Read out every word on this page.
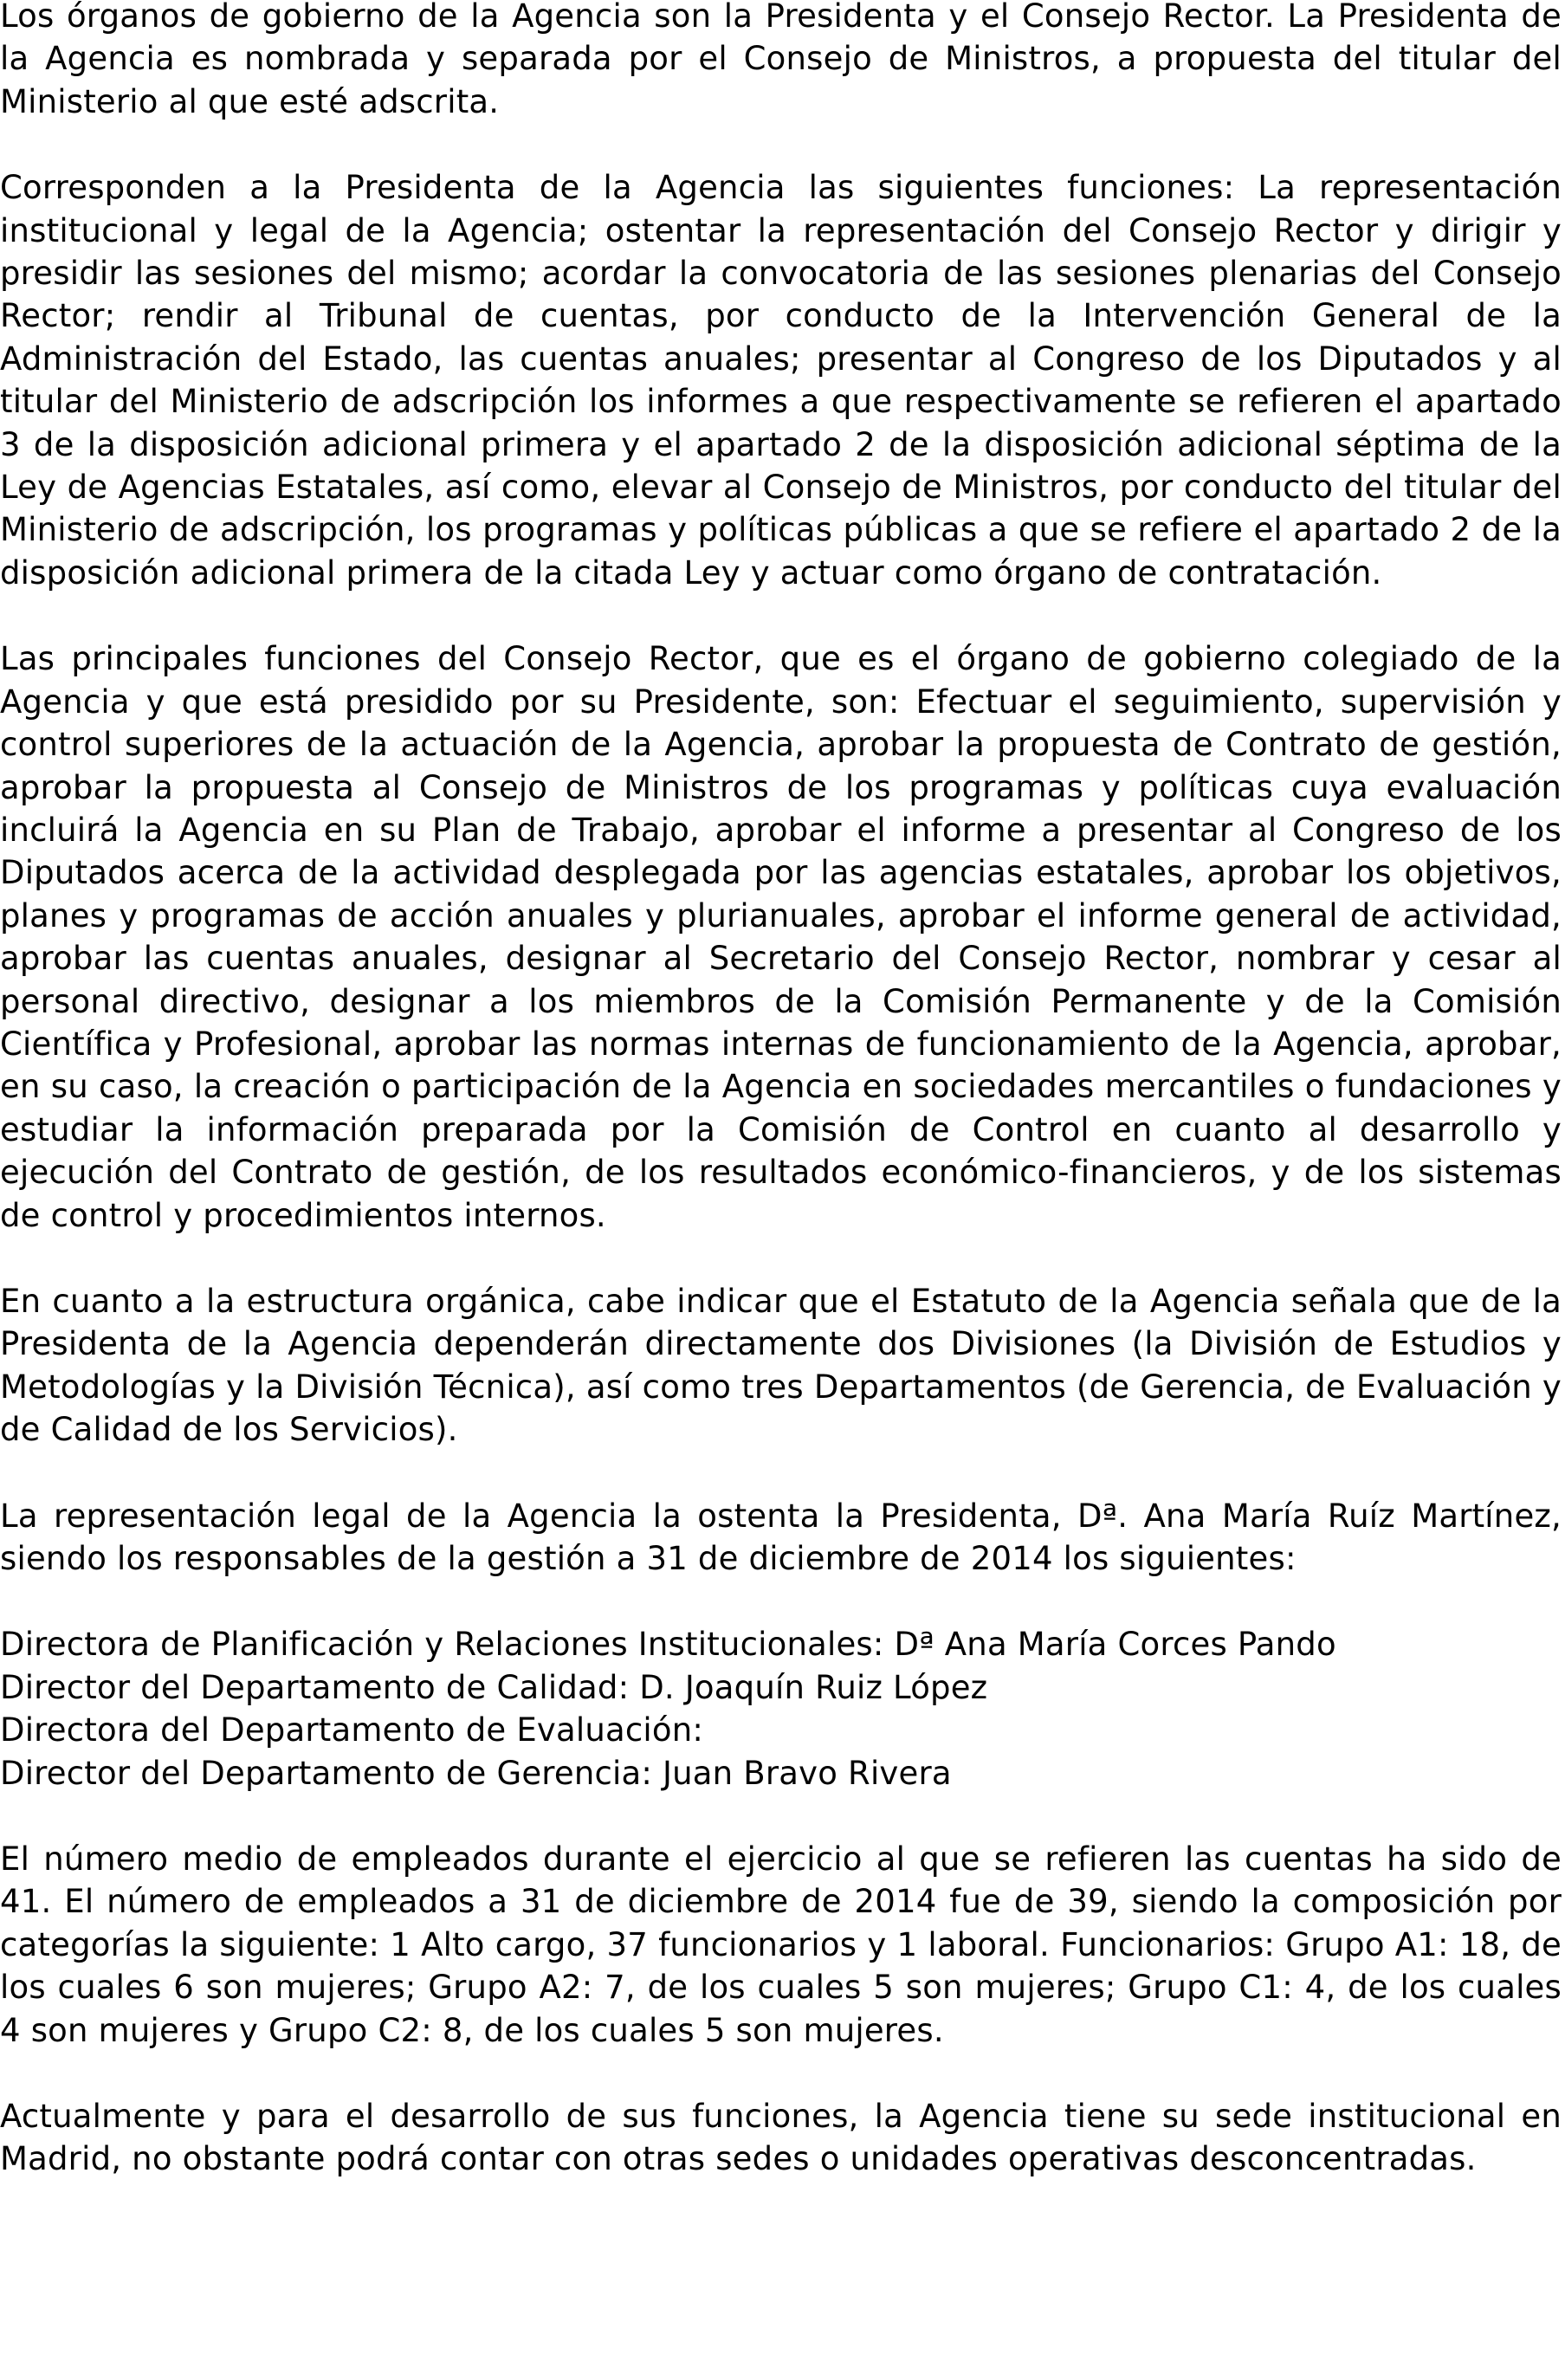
Los órganos de gobierno de la Agencia son la Presidenta y el Consejo Rector. La Presidenta de la Agencia es nombrada y separada por el Consejo de Ministros, a propuesta del titular del Ministerio al que esté adscrita.

Corresponden a la Presidenta de la Agencia las siguientes funciones: La representación institucional y legal de la Agencia; ostentar la representación del Consejo Rector y dirigir y presidir las sesiones del mismo; acordar la convocatoria de las sesiones plenarias del Consejo Rector; rendir al Tribunal de cuentas, por conducto de la Intervención General de la Administración del Estado, las cuentas anuales; presentar al Congreso de los Diputados y al titular del Ministerio de adscripción los informes a que respectivamente se refieren el apartado 3 de la disposición adicional primera y el apartado 2 de la disposición adicional séptima de la Ley de Agencias Estatales, así como, elevar al Consejo de Ministros, por conducto del titular del Ministerio de adscripción, los programas y políticas públicas a que se refiere el apartado 2 de la disposición adicional primera de la citada Ley y actuar como órgano de contratación.

Las principales funciones del Consejo Rector, que es el órgano de gobierno colegiado de la Agencia y que está presidido por su Presidente, son: Efectuar el seguimiento, supervisión y control superiores de la actuación de la Agencia, aprobar la propuesta de Contrato de gestión, aprobar la propuesta al Consejo de Ministros de los programas y políticas cuya evaluación incluirá la Agencia en su Plan de Trabajo, aprobar el informe a presentar al Congreso de los Diputados acerca de la actividad desplegada por las agencias estatales, aprobar los objetivos, planes y programas de acción anuales y plurianuales, aprobar el informe general de actividad, aprobar las cuentas anuales, designar al Secretario del Consejo Rector, nombrar y cesar al personal directivo, designar a los miembros de la Comisión Permanente y de la Comisión Científica y Profesional, aprobar las normas internas de funcionamiento de la Agencia, aprobar, en su caso, la creación o participación de la Agencia en sociedades mercantiles o fundaciones y estudiar la información preparada por la Comisión de Control en cuanto al desarrollo y ejecución del Contrato de gestión, de los resultados económico-financieros, y de los sistemas de control y procedimientos internos.

En cuanto a la estructura orgánica, cabe indicar que el Estatuto de la Agencia señala que de la Presidenta de la Agencia dependerán directamente dos Divisiones (la División de Estudios y Metodologías y la División Técnica), así como tres Departamentos (de Gerencia, de Evaluación y de Calidad de los Servicios).

La representación legal de la Agencia la ostenta la Presidenta, Dª. Ana María Ruíz Martínez, siendo los responsables de la gestión a 31 de diciembre de 2014 los siguientes:

Directora de Planificación y Relaciones Institucionales: Dª Ana María Corces Pando
Director del Departamento de Calidad: D. Joaquín Ruiz López
Directora del Departamento de Evaluación:
Director del Departamento de Gerencia: Juan Bravo Rivera

El número medio de empleados durante el ejercicio al que se refieren las cuentas ha sido de 41. El número de empleados a 31 de diciembre de 2014 fue de 39, siendo la composición por categorías la siguiente: 1 Alto cargo, 37 funcionarios y 1 laboral. Funcionarios: Grupo A1: 18, de los cuales 6 son mujeres; Grupo A2: 7, de los cuales 5 son mujeres; Grupo C1: 4, de los cuales 4 son mujeres y Grupo C2: 8, de los cuales 5 son mujeres.

Actualmente y para el desarrollo de sus funciones, la Agencia tiene su sede institucional en Madrid, no obstante podrá contar con otras sedes o unidades operativas desconcentradas.
